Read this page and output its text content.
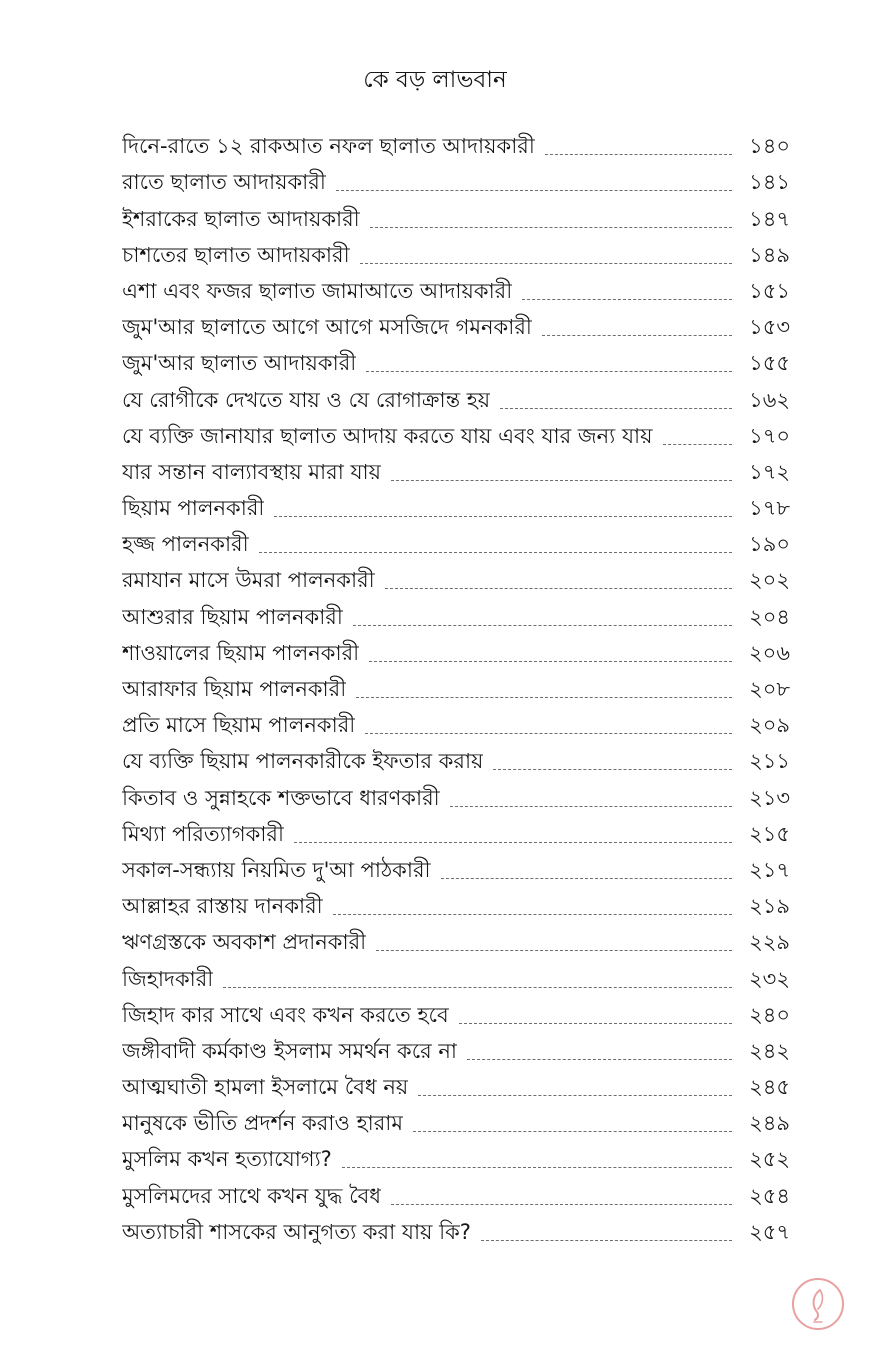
কে বড় লাভবান
দিনে-রাতে ১২ রাকআত নফল ছালাত আদায়কারী	১৪০
রাতে ছালাত আদায়কারী	১৪১
ইশরাকের ছালাত আদায়কারী	১৪৭
চাশতের ছালাত আদায়কারী	১৪৯
এশা এবং ফজর ছালাত জামাআতে আদায়কারী	১৫১
জুম'আর ছালাতে আগে আগে মসজিদে গমনকারী	১৫৩
জুম'আর ছালাত আদায়কারী	১৫৫
যে রোগীকে দেখতে যায় ও যে রোগাক্রান্ত হয়	১৬২
যে ব্যক্তি জানাযার ছালাত আদায় করতে যায় এবং যার জন্য যায়	১৭০
যার সন্তান বাল্যাবস্থায় মারা যায়	১৭২
ছিয়াম পালনকারী	১৭৮
হজ্জ পালনকারী	১৯০
রমাযান মাসে উমরা পালনকারী	২০২
আশুরার ছিয়াম পালনকারী	২০৪
শাওয়ালের ছিয়াম পালনকারী	২০৬
আরাফার ছিয়াম পালনকারী	২০৮
প্রতি মাসে ছিয়াম পালনকারী	২০৯
যে ব্যক্তি ছিয়াম পালনকারীকে ইফতার করায়	২১১
কিতাব ও সুন্নাহকে শক্তভাবে ধারণকারী	২১৩
মিথ্যা পরিত্যাগকারী	২১৫
সকাল-সন্ধ্যায় নিয়মিত দু'আ পাঠকারী	২১৭
আল্লাহর রাস্তায় দানকারী	২১৯
ঋণগ্রস্তকে অবকাশ প্রদানকারী	২২৯
জিহাদকারী	২৩২
জিহাদ কার সাথে এবং কখন করতে হবে	২৪০
জঙ্গীবাদী কর্মকাণ্ড ইসলাম সমর্থন করে না	২৪২
আত্মঘাতী হামলা ইসলামে বৈধ নয়	২৪৫
মানুষকে ভীতি প্রদর্শন করাও হারাম	২৪৯
মুসলিম কখন হত্যাযোগ্য?	২৫২
মুসলিমদের সাথে কখন যুদ্ধ বৈধ	২৫৪
অত্যাচারী শাসকের আনুগত্য করা যায় কি?	২৫৭
